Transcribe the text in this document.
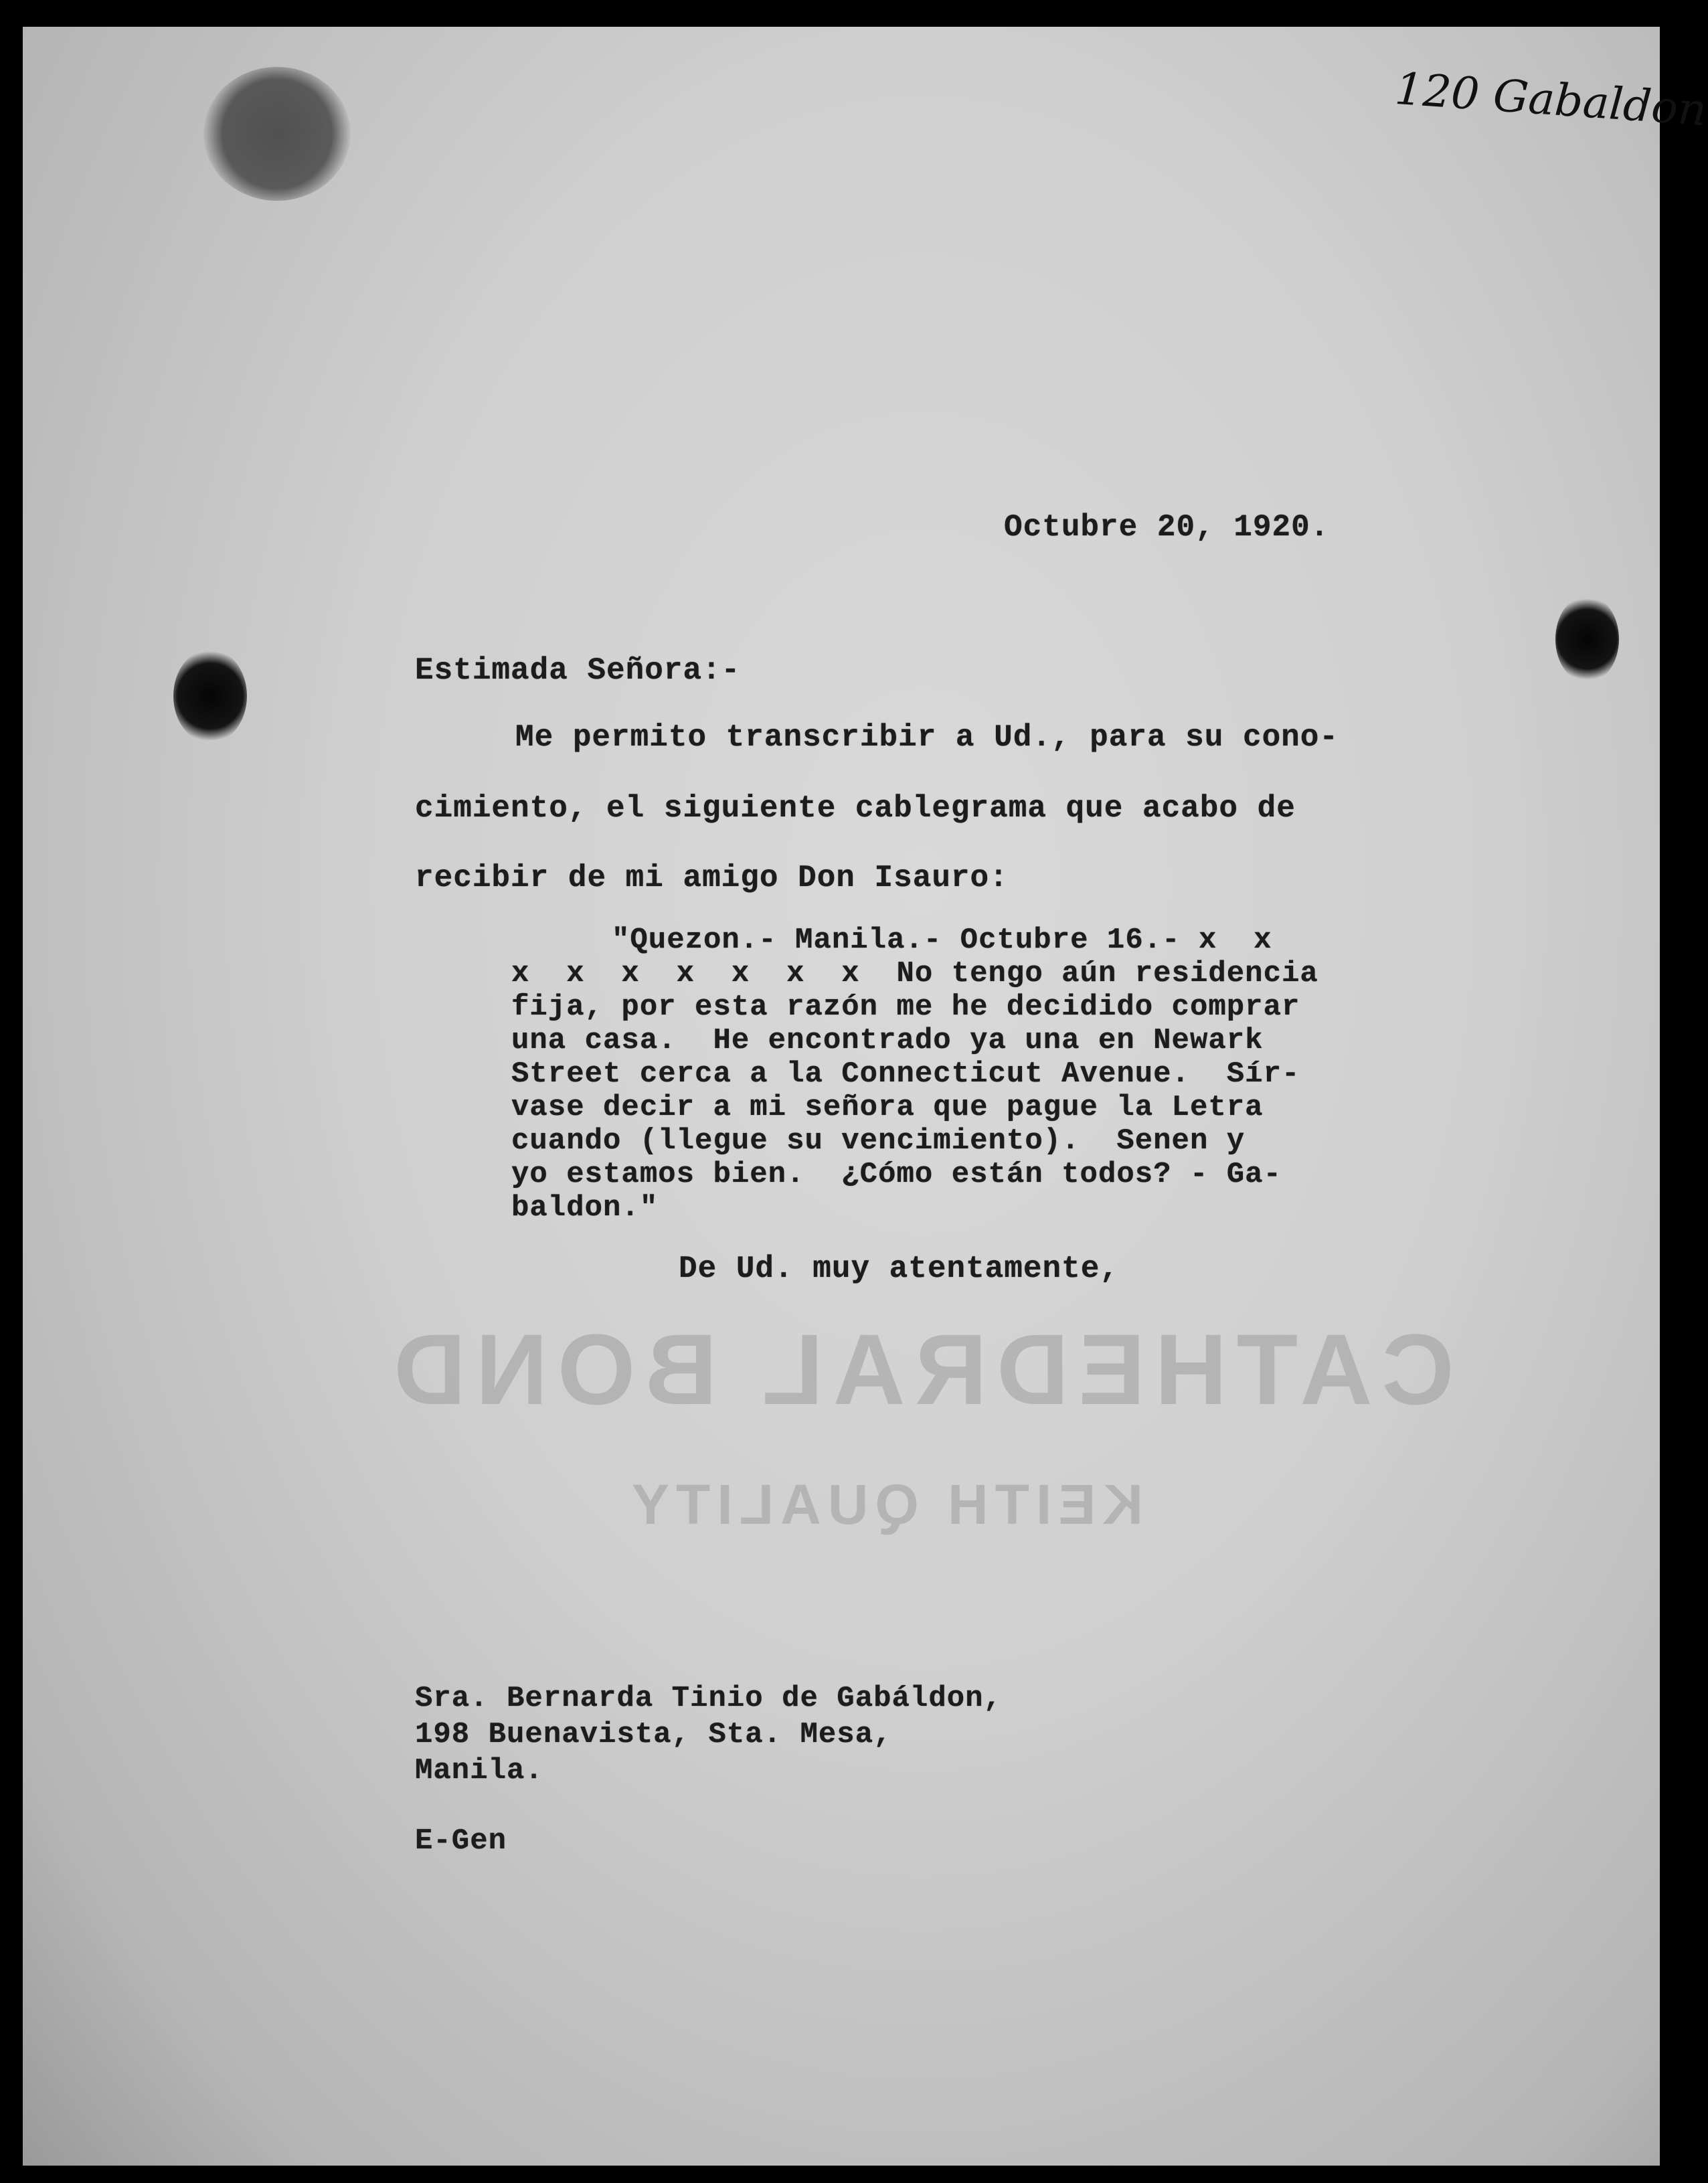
120 Gabaldon

Octubre 20, 1920.

Estimada Señora:-

Me permito transcribir a Ud., para su cono-

cimiento, el siguiente cablegrama que acabo de

recibir de mi amigo Don Isauro:

"Quezon.- Manila.- Octubre 16.- x  x

x  x  x  x  x  x  x  No tengo aún residencia

fija, por esta razón me he decidido comprar

una casa.  He encontrado ya una en Newark

Street cerca a la Connecticut Avenue.  Sír-

vase decir a mi señora que pague la Letra

cuando (llegue su vencimiento).  Senen y

yo estamos bien.  ¿Cómo están todos? - Ga-

baldon."

De Ud. muy atentamente,

CATHEDRAL BOND

KEITH QUALITY

Sra. Bernarda Tinio de Gabáldon,

198 Buenavista, Sta. Mesa,

Manila.

E-Gen
